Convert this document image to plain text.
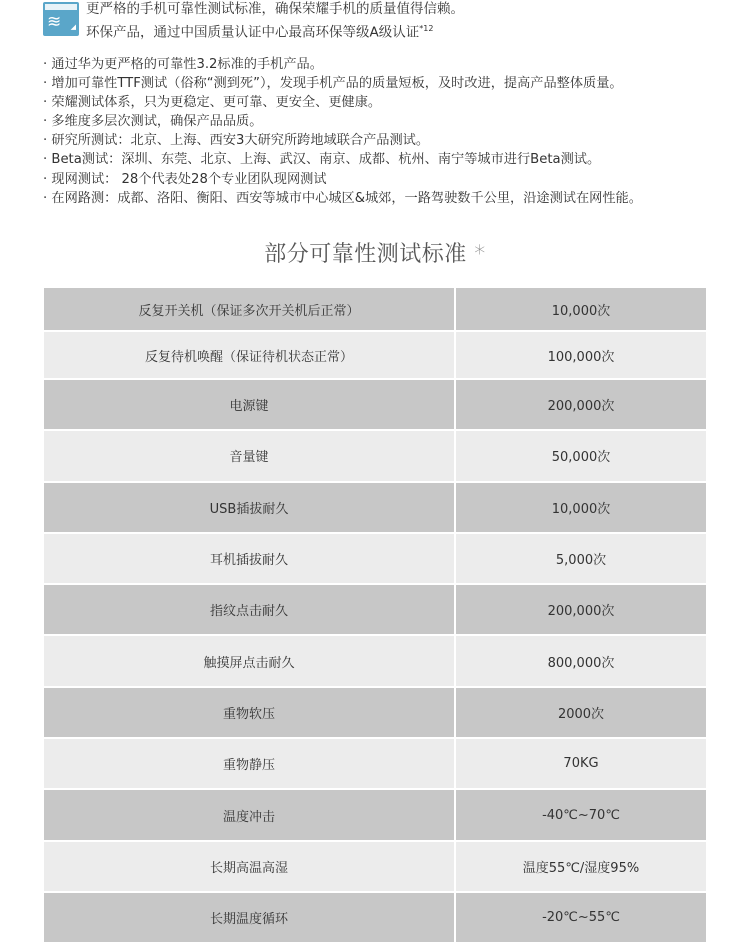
≋ ◢
更严格的手机可靠性测试标准，确保荣耀手机的质量值得信赖。
环保产品，通过中国质量认证中心最高环保等级A级认证$^{*12}$
· 通过华为更严格的可靠性3.2标准的手机产品。
· 增加可靠性TTF测试（俗称“测到死”），发现手机产品的质量短板，及时改进，提高产品整体质量。
· 荣耀测试体系，只为更稳定、更可靠、更安全、更健康。
· 多维度多层次测试，确保产品品质。
· 研究所测试：北京、上海、西安3大研究所跨地域联合产品测试。
· Beta测试：深圳、东莞、北京、上海、武汉、南京、成都、杭州、南宁等城市进行Beta测试。
· 现网测试： 28个代表处28个专业团队现网测试
· 在网路测：成都、洛阳、衡阳、西安等城市中心城区&城郊，一路驾驶数千公里，沿途测试在网性能。
部分可靠性测试标准 *
反复开关机（保证多次开关机后正常）	10,000次
反复待机唤醒（保证待机状态正常）	100,000次
电源键	200,000次
音量键	50,000次
USB插拔耐久	10,000次
耳机插拔耐久	5,000次
指纹点击耐久	200,000次
触摸屏点击耐久	800,000次
重物软压	2000次
重物静压	70KG
温度冲击	-40℃~70℃
长期高温高湿	温度55℃/湿度95%
长期温度循环	-20℃~55℃
